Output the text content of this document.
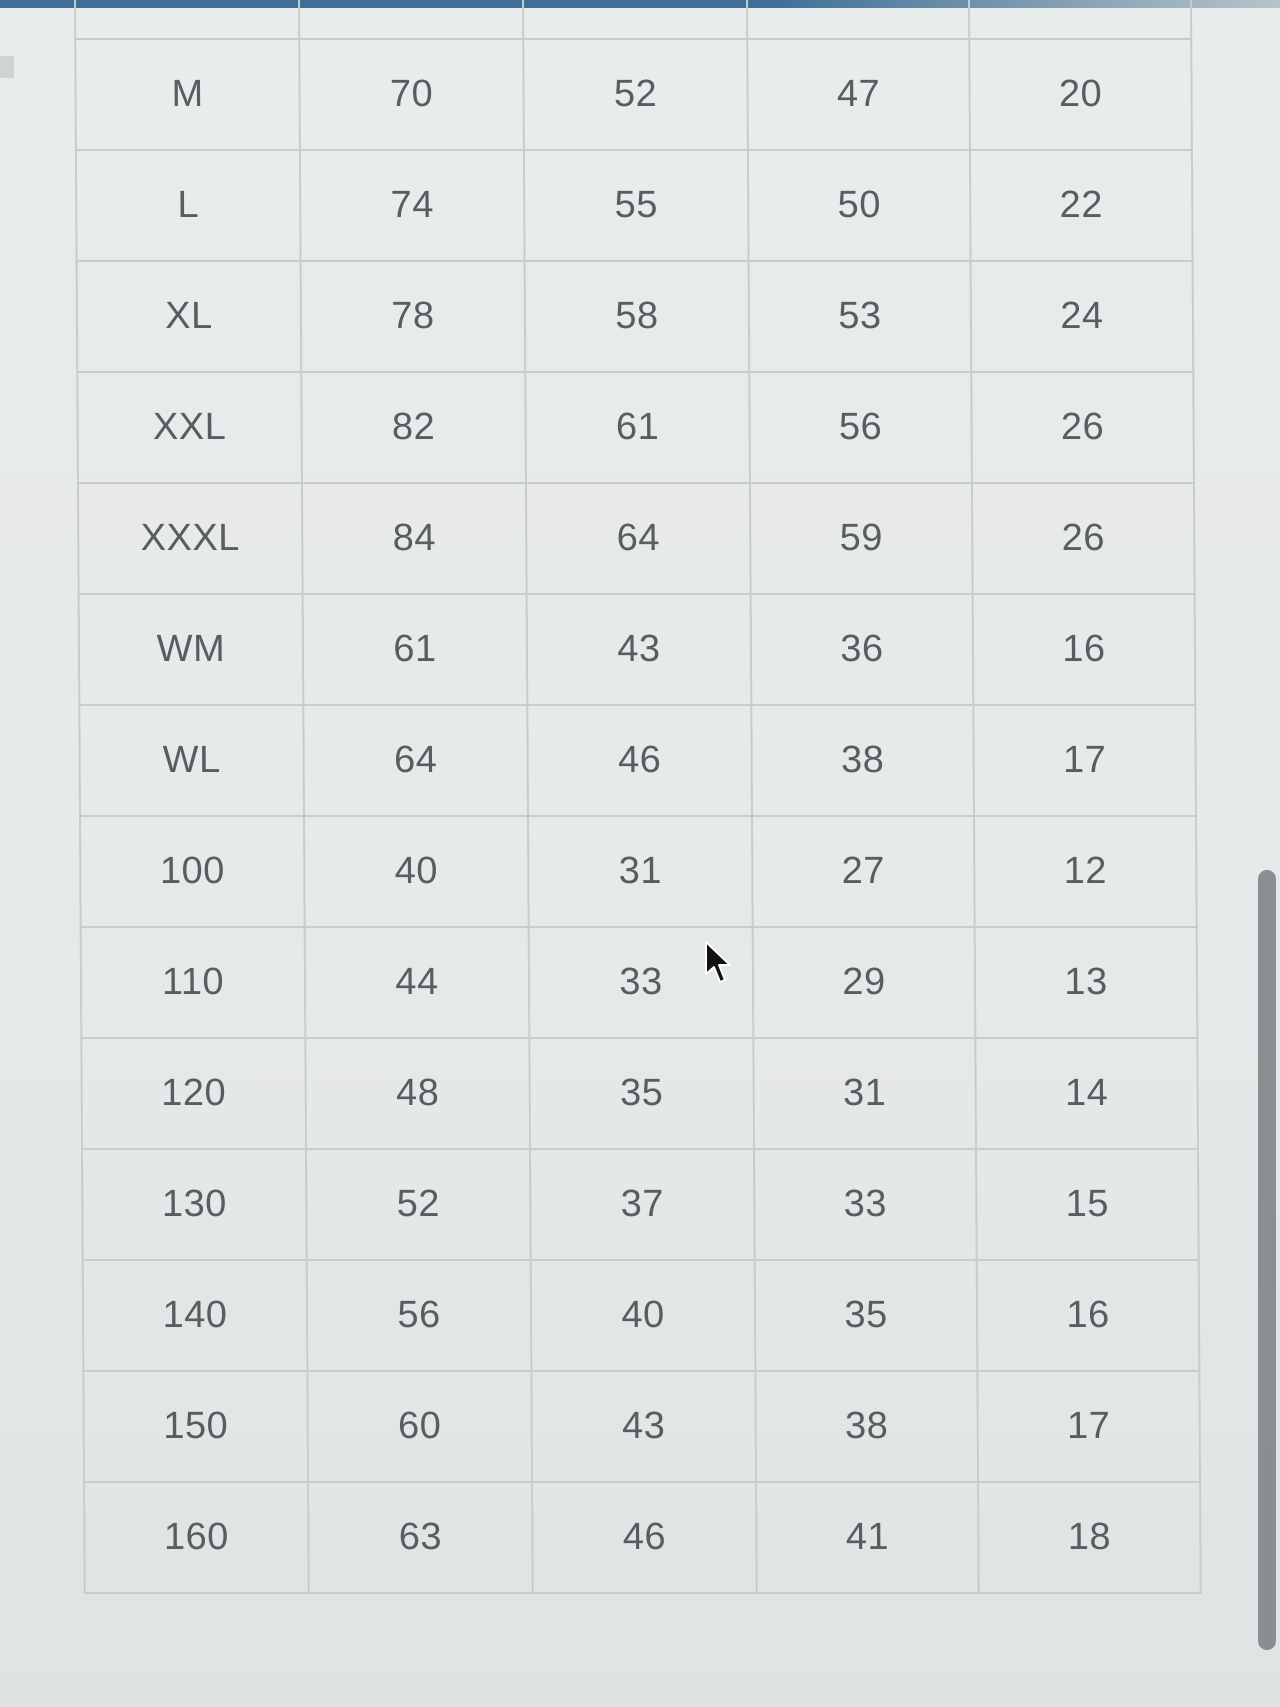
M	70	52	47	20
L	74	55	50	22
XL	78	58	53	24
XXL	82	61	56	26
XXXL	84	64	59	26
WM	61	43	36	16
WL	64	46	38	17
100	40	31	27	12
110	44	33	29	13
120	48	35	31	14
130	52	37	33	15
140	56	40	35	16
150	60	43	38	17
160	63	46	41	18
